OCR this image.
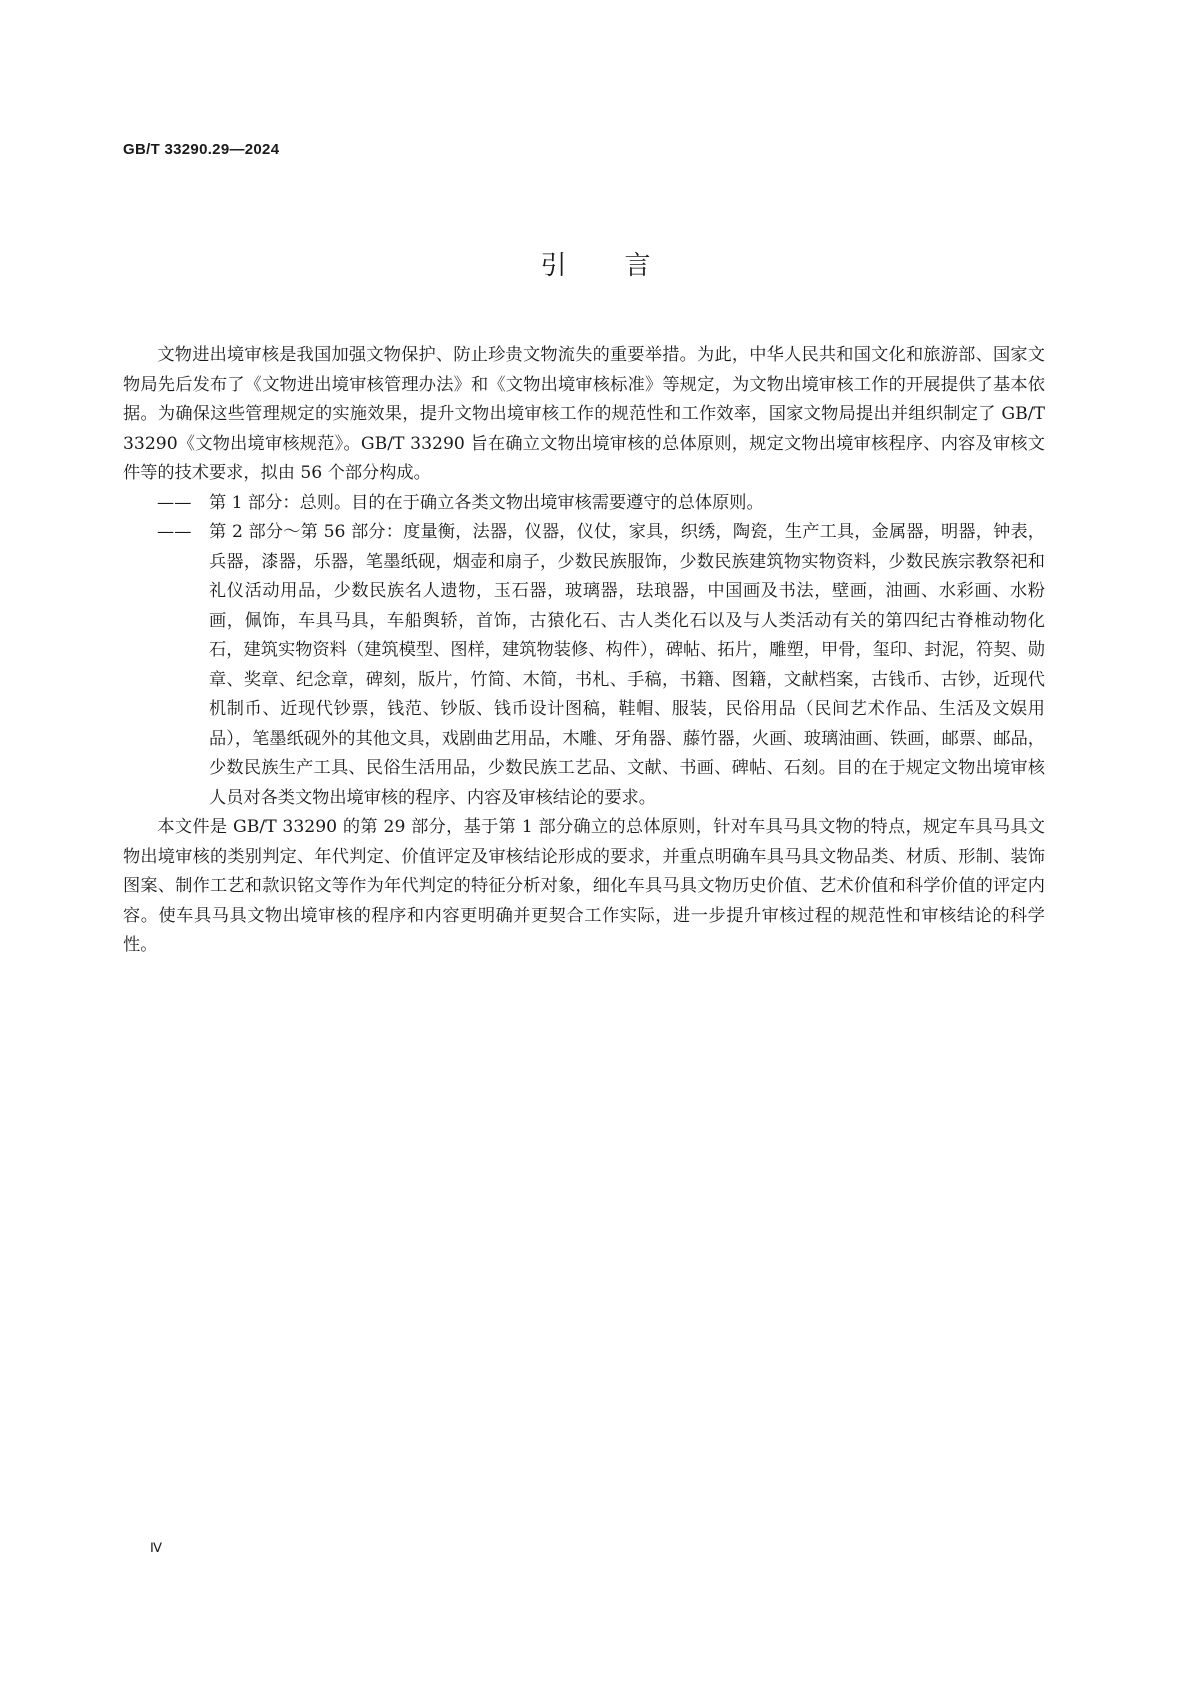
GB/T 33290.29—2024
引言

文物进出境审核是我国加强文物保护、防止珍贵文物流失的重要举措。为此，中华人民共和国文化和旅游部、国家文物局先后发布了《文物进出境审核管理办法》和《文物出境审核标准》等规定，为文物出境审核工作的开展提供了基本依据。为确保这些管理规定的实施效果，提升文物出境审核工作的规范性和工作效率，国家文物局提出并组织制定了 GB/T 33290《文物出境审核规范》。GB/T 33290 旨在确立文物出境审核的总体原则，规定文物出境审核程序、内容及审核文件等的技术要求，拟由 56 个部分构成。

——	第 1 部分：总则。目的在于确立各类文物出境审核需要遵守的总体原则。
——	第 2 部分～第 56 部分：度量衡，法器，仪器，仪仗，家具，织绣，陶瓷，生产工具，金属器，明器，钟表，兵器，漆器，乐器，笔墨纸砚，烟壶和扇子，少数民族服饰，少数民族建筑物实物资料，少数民族宗教祭祀和礼仪活动用品，少数民族名人遗物，玉石器，玻璃器，珐琅器，中国画及书法，壁画，油画、水彩画、水粉画，佩饰，车具马具，车船舆轿，首饰，古猿化石、古人类化石以及与人类活动有关的第四纪古脊椎动物化石，建筑实物资料（建筑模型、图样，建筑物装修、构件），碑帖、拓片，雕塑，甲骨，玺印、封泥，符契、勋章、奖章、纪念章，碑刻，版片，竹简、木简，书札、手稿，书籍、图籍，文献档案，古钱币、古钞，近现代机制币、近现代钞票，钱范、钞版、钱币设计图稿，鞋帽、服装，民俗用品（民间艺术作品、生活及文娱用品），笔墨纸砚外的其他文具，戏剧曲艺用品，木雕、牙角器、藤竹器，火画、玻璃油画、铁画，邮票、邮品，少数民族生产工具、民俗生活用品，少数民族工艺品、文献、书画、碑帖、石刻。目的在于规定文物出境审核人员对各类文物出境审核的程序、内容及审核结论的要求。

本文件是 GB/T 33290 的第 29 部分，基于第 1 部分确立的总体原则，针对车具马具文物的特点，规定车具马具文物出境审核的类别判定、年代判定、价值评定及审核结论形成的要求，并重点明确车具马具文物品类、材质、形制、装饰图案、制作工艺和款识铭文等作为年代判定的特征分析对象，细化车具马具文物历史价值、艺术价值和科学价值的评定内容。使车具马具文物出境审核的程序和内容更明确并更契合工作实际，进一步提升审核过程的规范性和审核结论的科学性。

Ⅳ
